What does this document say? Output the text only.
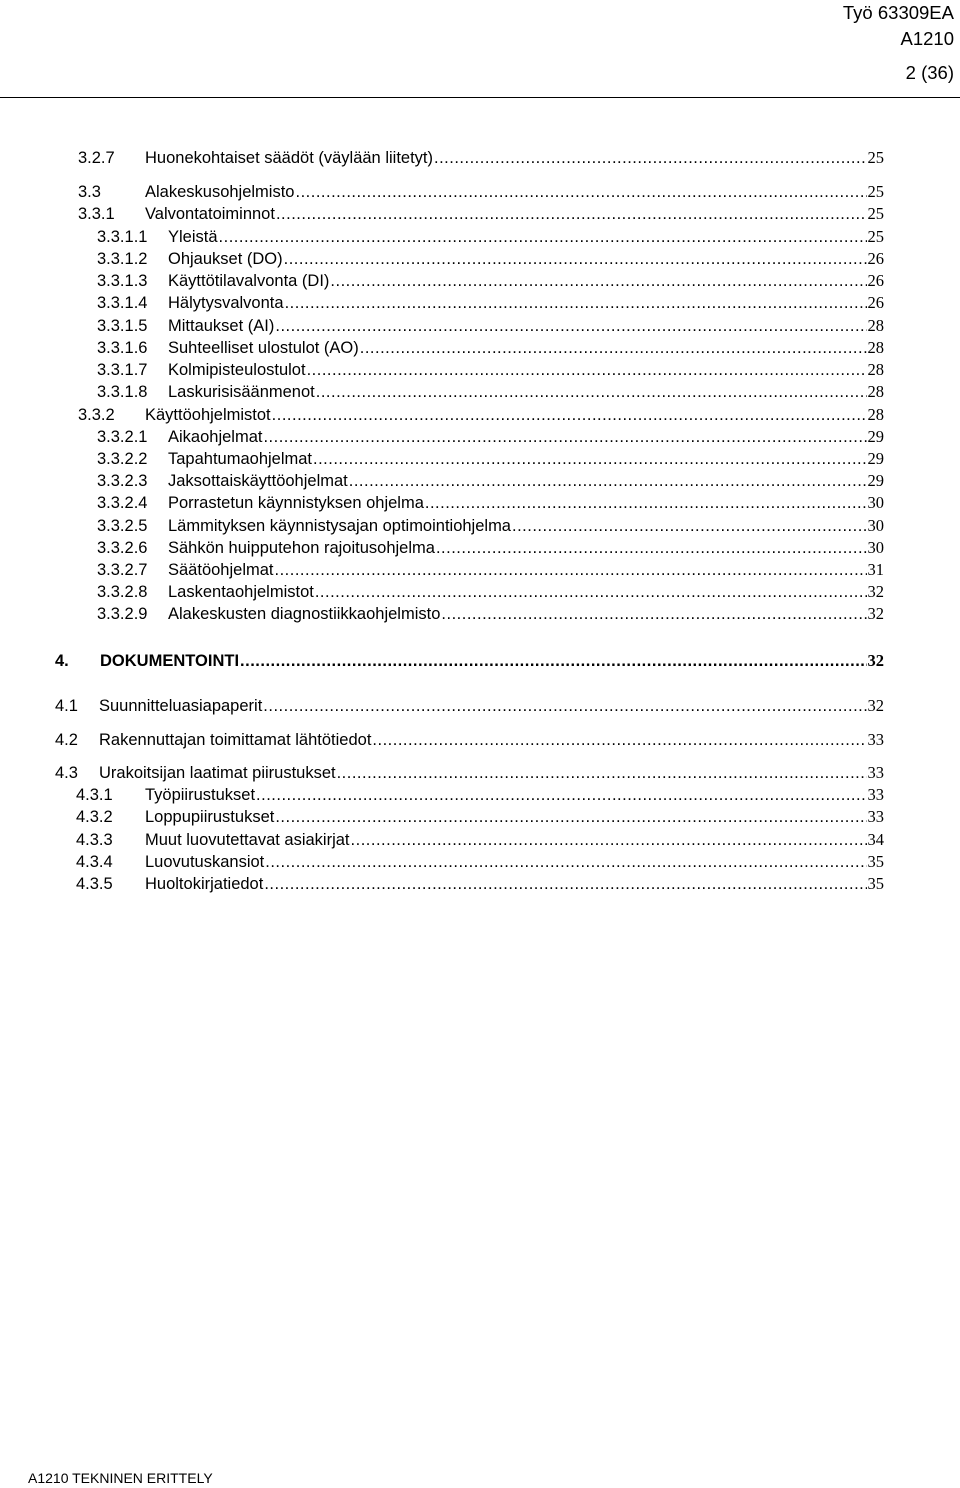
Työ 63309EA
A1210
2 (36)
3.2.7	Huonekohtaiset säädöt (väylään liitetyt) .....	25
3.3	Alakeskusohjelmisto .....	25
3.3.1	Valvontatoiminnot .....	25
3.3.1.1	Yleistä .....	25
3.3.1.2	Ohjaukset (DO) .....	26
3.3.1.3	Käyttötilavalvonta (DI) .....	26
3.3.1.4	Hälytysvalvonta .....	26
3.3.1.5	Mittaukset (AI) .....	28
3.3.1.6	Suhteelliset ulostulot (AO) .....	28
3.3.1.7	Kolmipisteulostulot .....	28
3.3.1.8	Laskurisisäänmenot .....	28
3.3.2	Käyttöohjelmistot .....	28
3.3.2.1	Aikaohjelmat .....	29
3.3.2.2	Tapahtumaohjelmat .....	29
3.3.2.3	Jaksottaiskäyttöohjelmat .....	29
3.3.2.4	Porrastetun käynnistyksen ohjelma .....	30
3.3.2.5	Lämmityksen käynnistysajan optimointiohjelma .....	30
3.3.2.6	Sähkön huipputehon rajoitusohjelma .....	30
3.3.2.7	Säätöohjelmat .....	31
3.3.2.8	Laskentaohjelmistot .....	32
3.3.2.9	Alakeskusten diagnostiikkaohjelmisto .....	32
4.	DOKUMENTOINTI .....	32
4.1	Suunnitteluasiapaperit .....	32
4.2	Rakennuttajan toimittamat lähtötiedot .....	33
4.3	Urakoitsijan laatimat piirustukset .....	33
4.3.1	Työpiirustukset .....	33
4.3.2	Loppupiirustukset .....	33
4.3.3	Muut luovutettavat asiakirjat .....	34
4.3.4	Luovutuskansiot .....	35
4.3.5	Huoltokirjatiedot .....	35
A1210 TEKNINEN ERITTELY
